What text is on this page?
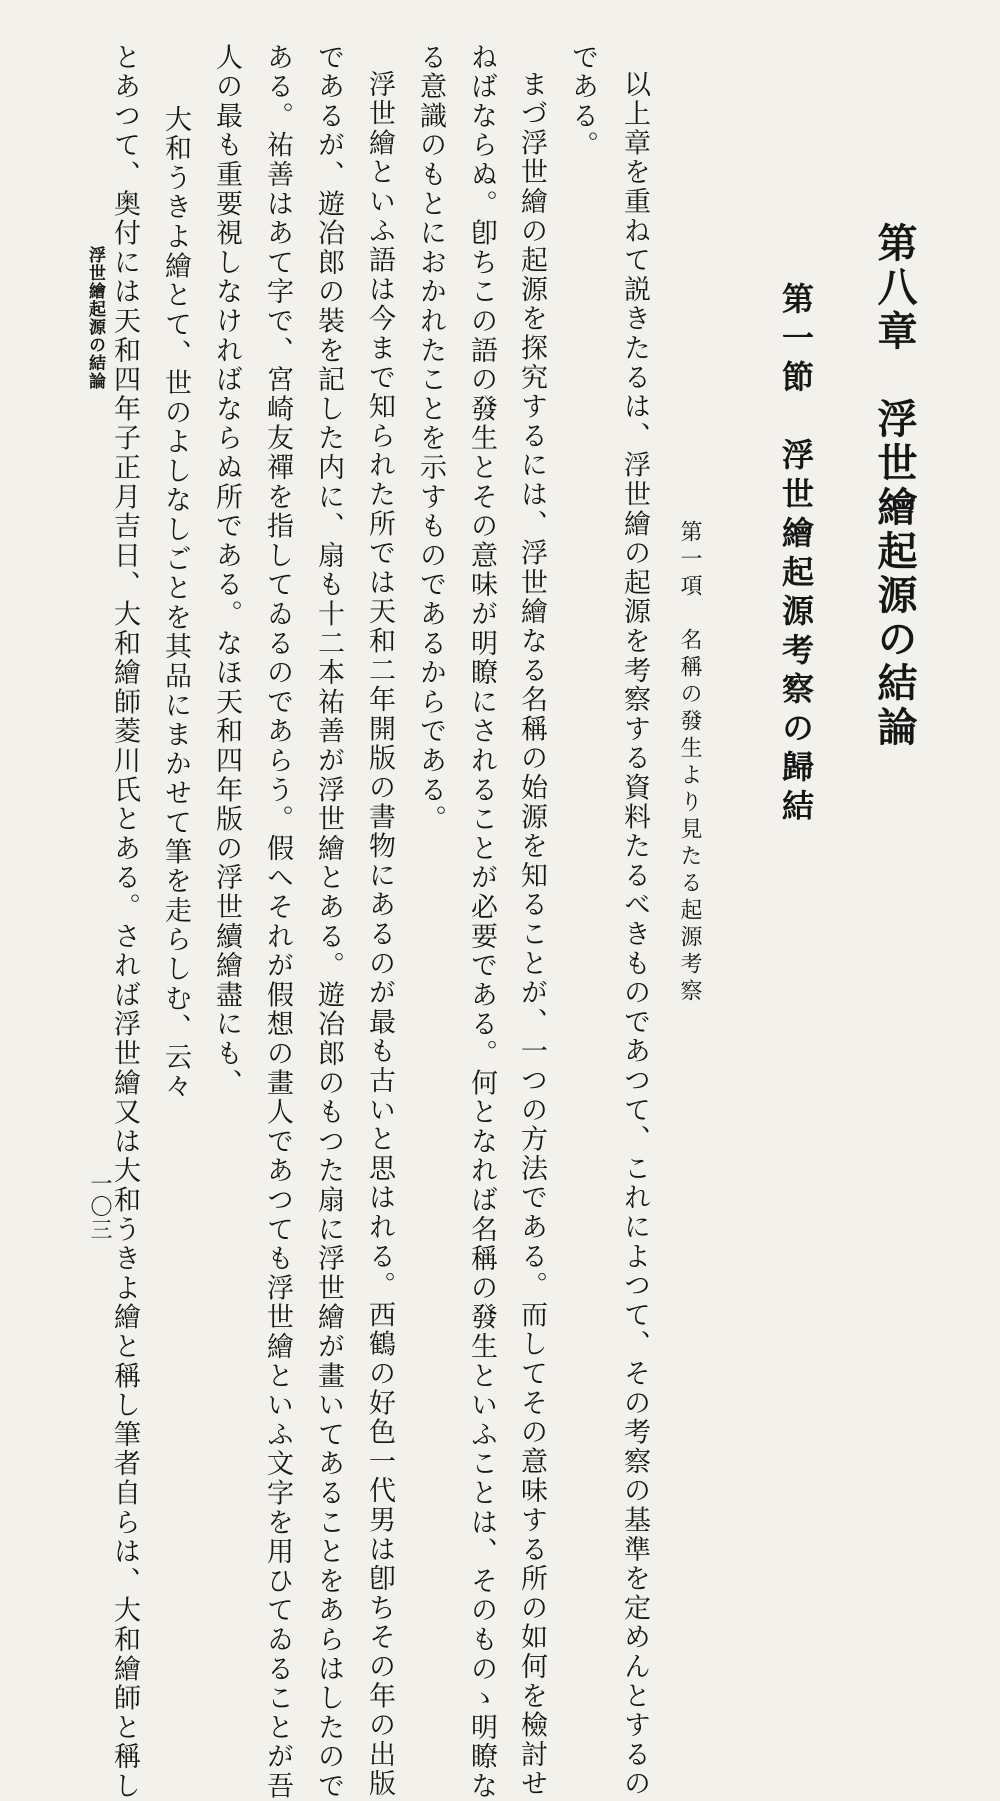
第八章　浮世繪起源の結論
第一節　浮世繪起源考察の歸結
第一項　名稱の發生より見たる起源考察
以上章を重ねて説きたるは、浮世繪の起源を考察する資料たるべきものであつて、これによつて、その考察の基準を定めんとするの
である。
まづ浮世繪の起源を探究するには、浮世繪なる名稱の始源を知ることが、一つの方法である。而してその意味する所の如何を檢討せ
ねばならぬ。卽ちこの語の發生とその意味が明瞭にされることが必要である。何となれば名稱の發生といふことは、そのものゝ明瞭な
る意識のもとにおかれたことを示すものであるからである。
浮世繪といふ語は今まで知られた所では天和二年開版の書物にあるのが最も古いと思はれる。西鶴の好色一代男は卽ちその年の出版
であるが、遊冶郎の裝を記した内に、扇も十二本祐善が浮世繪とある。遊冶郎のもつた扇に浮世繪が畫いてあることをあらはしたので
ある。祐善はあて字で、宮崎友禪を指してゐるのであらう。假へそれが假想の畫人であつても浮世繪といふ文字を用ひてゐることが吾
人の最も重要視しなければならぬ所である。なほ天和四年版の浮世續繪盡にも、
大和うきよ繪とて、世のよしなしごとを其品にまかせて筆を走らしむ、云々
とあつて、奥付には天和四年子正月吉日、大和繪師菱川氏とある。されば浮世繪又は大和うきよ繪と稱し筆者自らは、大和繪師と稱し
浮世繪起源の結論
一〇三
